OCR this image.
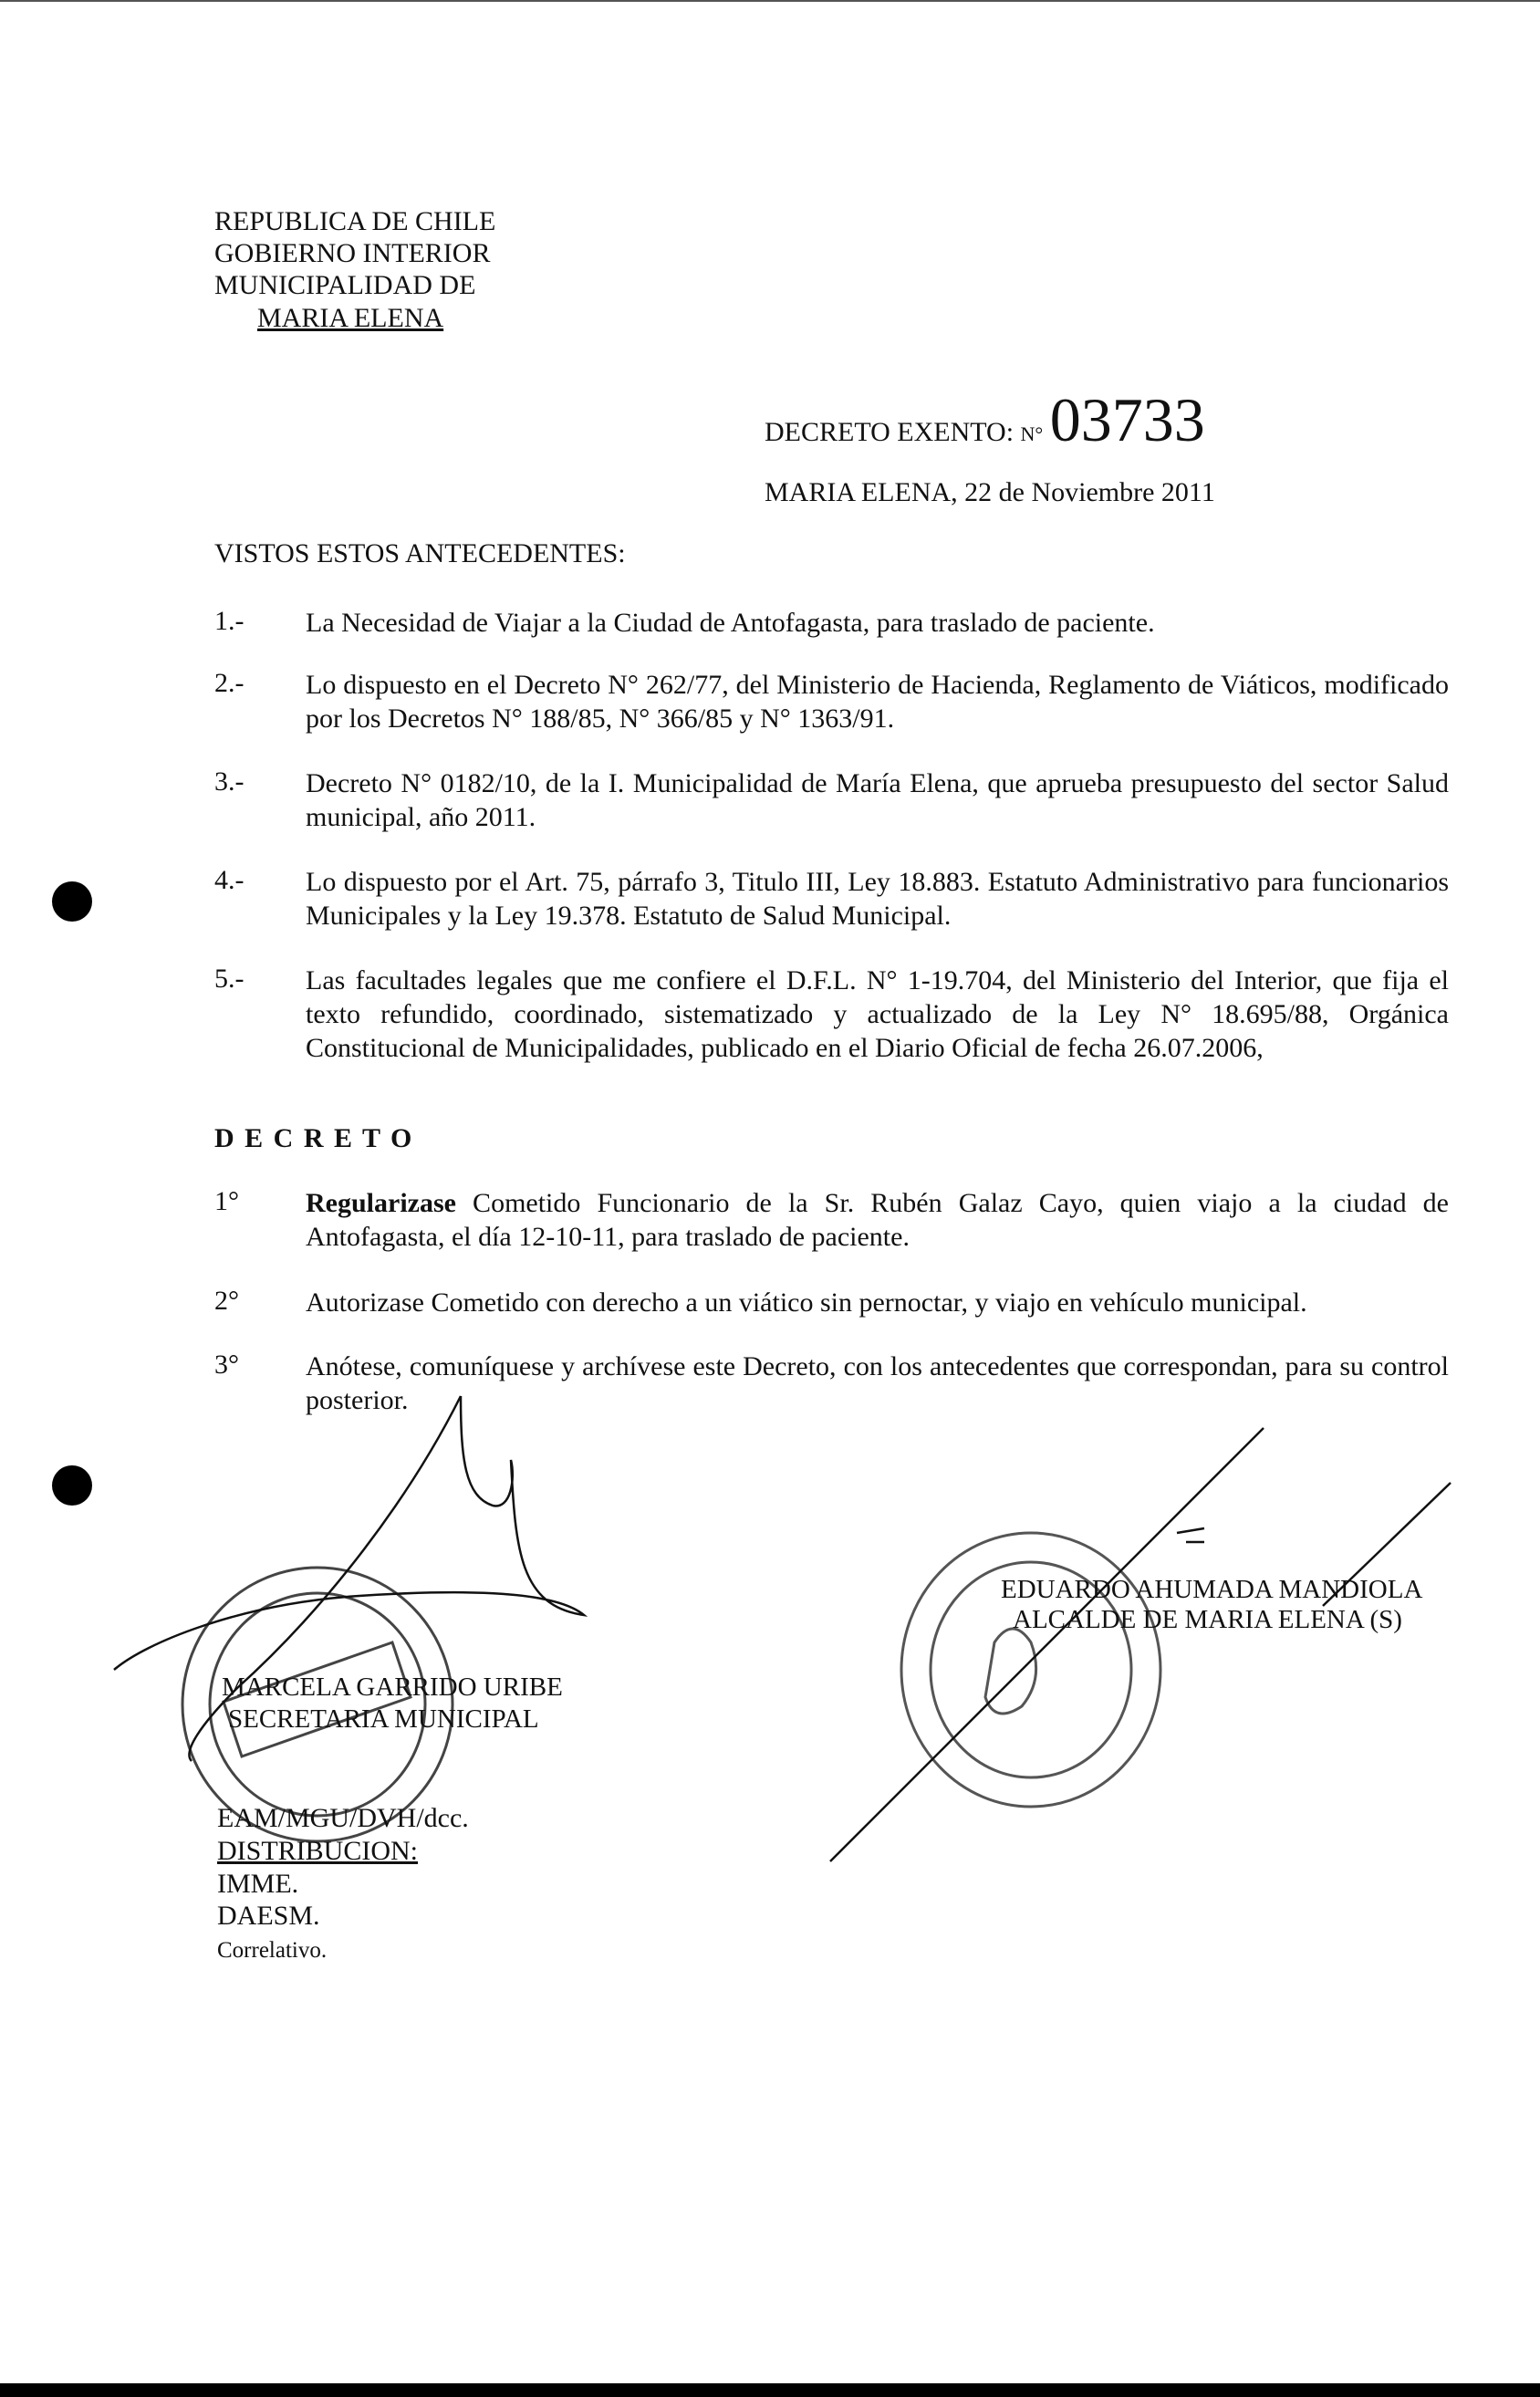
REPUBLICA DE CHILE
GOBIERNO INTERIOR
MUNICIPALIDAD DE
MARIA ELENA
DECRETO EXENTO: N° 03733
MARIA ELENA, 22 de Noviembre 2011
VISTOS ESTOS ANTECEDENTES:
1.- La Necesidad de Viajar a la Ciudad de Antofagasta, para traslado de paciente.
2.- Lo dispuesto en el Decreto N° 262/77, del Ministerio de Hacienda, Reglamento de Viáticos, modificado por los Decretos N° 188/85, N° 366/85 y N° 1363/91.
3.- Decreto N° 0182/10, de la I. Municipalidad de María Elena, que aprueba presupuesto del sector Salud municipal, año 2011.
4.- Lo dispuesto por el Art. 75, párrafo 3, Titulo III, Ley 18.883. Estatuto Administrativo para funcionarios Municipales y la Ley 19.378. Estatuto de Salud Municipal.
5.- Las facultades legales que me confiere el D.F.L. N° 1-19.704, del Ministerio del Interior, que fija el texto refundido, coordinado, sistematizado y actualizado de la Ley N° 18.695/88, Orgánica Constitucional de Municipalidades, publicado en el Diario Oficial de fecha 26.07.2006,
D E C R E T O
1° Regularizase Cometido Funcionario de la Sr. Rubén Galaz Cayo, quien viajo a la ciudad de Antofagasta, el día 12-10-11, para traslado de paciente.
2° Autorizase Cometido con derecho a un viático sin pernoctar, y viajo en vehículo municipal.
3° Anótese, comuníquese y archívese este Decreto, con los antecedentes que correspondan, para su control posterior.
EDUARDO AHUMADA MANDIOLA
ALCALDE DE MARIA ELENA (S)
MARCELA GARRIDO URIBE
SECRETARIA MUNICIPAL
EAM/MGU/DVH/dcc.
DISTRIBUCION:
IMME.
DAESM.
Correlativo.
